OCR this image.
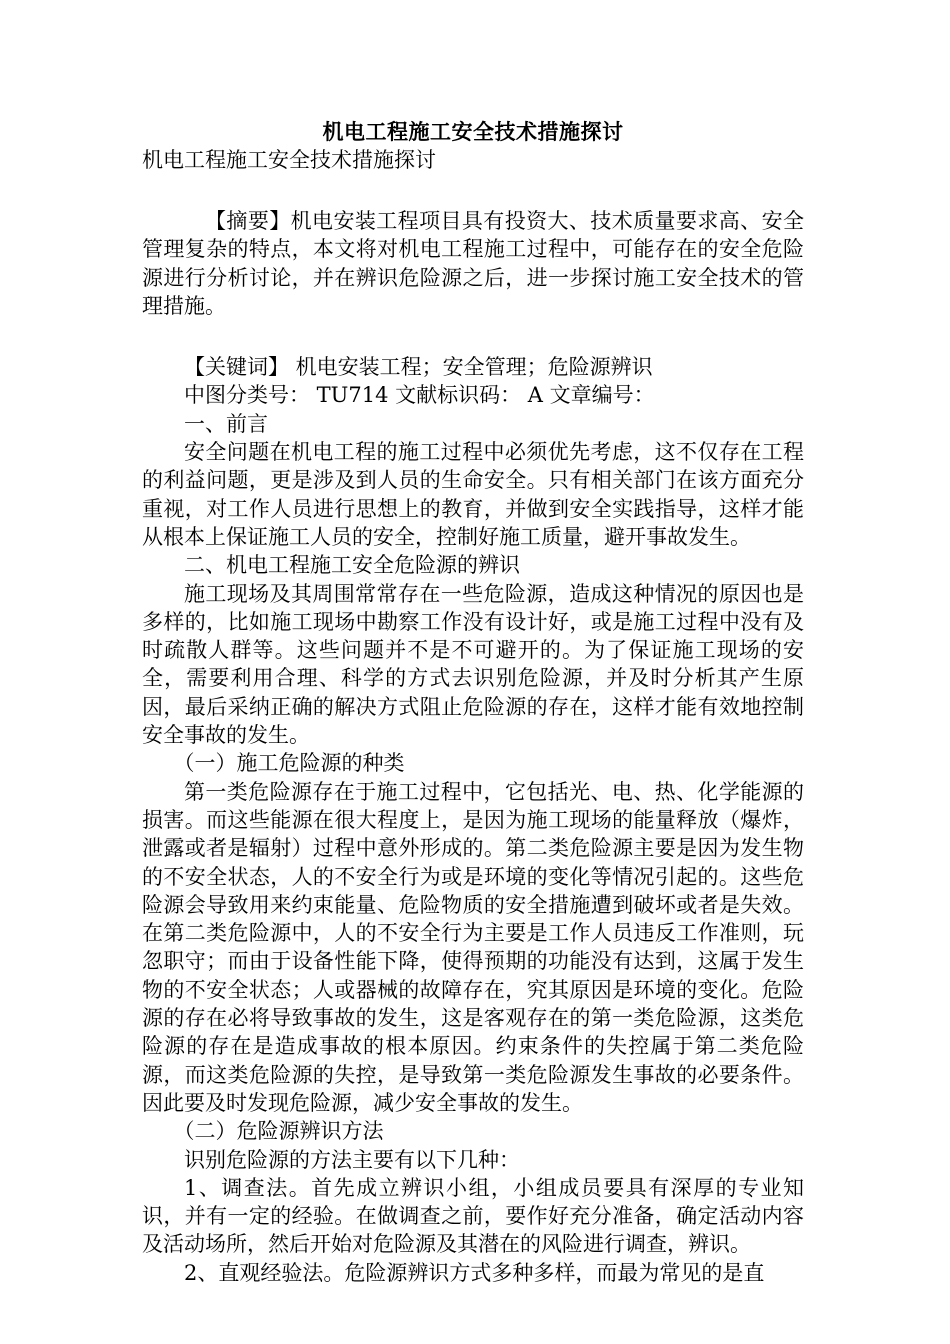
机电工程施工安全技术措施探讨

机电工程施工安全技术措施探讨

【摘要】机电安装工程项目具有投资大、技术质量要求高、安全管理复杂的特点，本文将对机电工程施工过程中，可能存在的安全危险源进行分析讨论，并在辨识危险源之后，进一步探讨施工安全技术的管理措施。

【关键词】 机电安装工程；安全管理；危险源辨识

中图分类号： TU714 文献标识码： A 文章编号：

一、前言

安全问题在机电工程的施工过程中必须优先考虑，这不仅存在工程的利益问题，更是涉及到人员的生命安全。只有相关部门在该方面充分重视，对工作人员进行思想上的教育，并做到安全实践指导，这样才能从根本上保证施工人员的安全，控制好施工质量，避开事故发生。

二、机电工程施工安全危险源的辨识

施工现场及其周围常常存在一些危险源，造成这种情况的原因也是多样的，比如施工现场中勘察工作没有设计好，或是施工过程中没有及时疏散人群等。这些问题并不是不可避开的。为了保证施工现场的安全，需要利用合理、科学的方式去识别危险源，并及时分析其产生原因，最后采纳正确的解决方式阻止危险源的存在，这样才能有效地控制安全事故的发生。

（一）施工危险源的种类

第一类危险源存在于施工过程中，它包括光、电、热、化学能源的损害。而这些能源在很大程度上，是因为施工现场的能量释放（爆炸，泄露或者是辐射）过程中意外形成的。第二类危险源主要是因为发生物的不安全状态，人的不安全行为或是环境的变化等情况引起的。这些危险源会导致用来约束能量、危险物质的安全措施遭到破坏或者是失效。在第二类危险源中，人的不安全行为主要是工作人员违反工作准则，玩忽职守；而由于设备性能下降，使得预期的功能没有达到，这属于发生物的不安全状态；人或器械的故障存在，究其原因是环境的变化。危险源的存在必将导致事故的发生，这是客观存在的第一类危险源，这类危险源的存在是造成事故的根本原因。约束条件的失控属于第二类危险源，而这类危险源的失控，是导致第一类危险源发生事故的必要条件。因此要及时发现危险源，减少安全事故的发生。

（二）危险源辨识方法

识别危险源的方法主要有以下几种：

1、调查法。首先成立辨识小组，小组成员要具有深厚的专业知识，并有一定的经验。在做调查之前，要作好充分准备，确定活动内容及活动场所，然后开始对危险源及其潜在的风险进行调查，辨识。

2、直观经验法。危险源辨识方式多种多样，而最为常见的是直
